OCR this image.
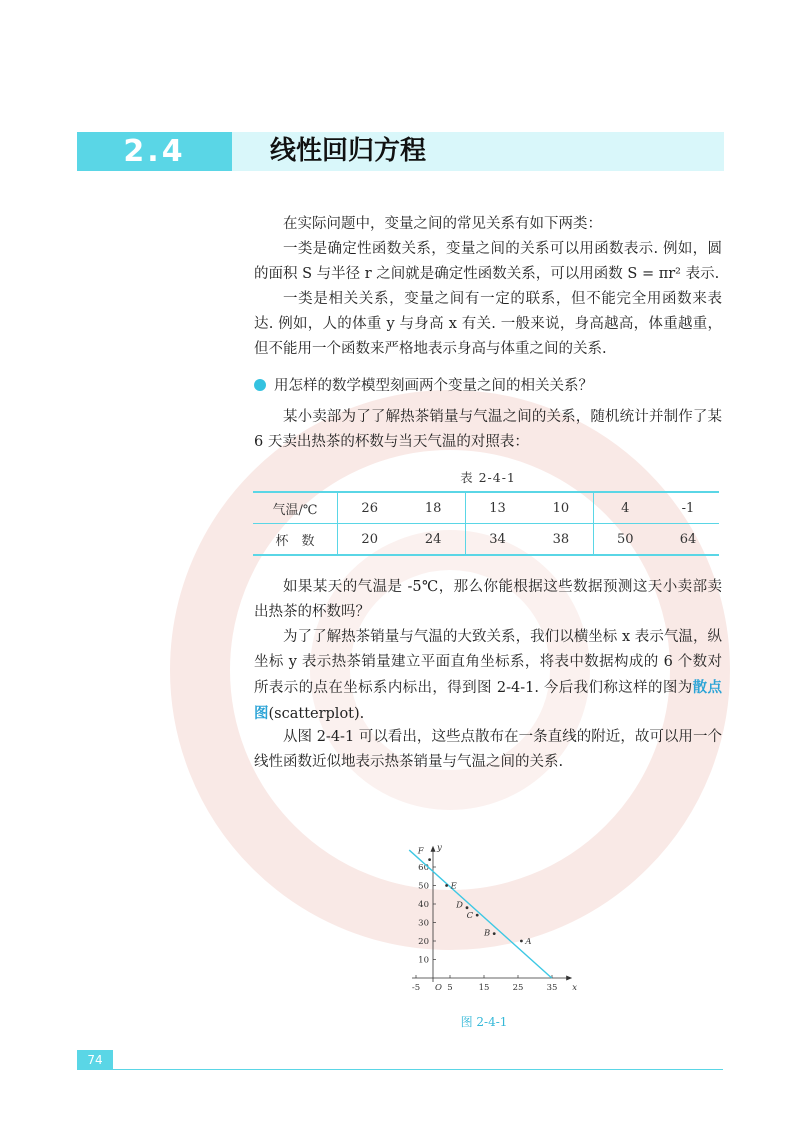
2.4	线性回归方程
在实际问题中，变量之间的常见关系有如下两类：
一类是确定性函数关系，变量之间的关系可以用函数表示. 例如，圆的面积 S 与半径 r 之间就是确定性函数关系，可以用函数 S = πr² 表示.
一类是相关关系，变量之间有一定的联系，但不能完全用函数来表达. 例如，人的体重 y 与身高 x 有关. 一般来说，身高越高，体重越重，但不能用一个函数来严格地表示身高与体重之间的关系.
用怎样的数学模型刻画两个变量之间的相关关系？
某小卖部为了了解热茶销量与气温之间的关系，随机统计并制作了某 6 天卖出热茶的杯数与当天气温的对照表：
表 2-4-1
气温/℃	26	18	13	10	4	-1
杯　数	20	24	34	38	50	64
如果某天的气温是 -5℃，那么你能根据这些数据预测这天小卖部卖出热茶的杯数吗？
为了了解热茶销量与气温的大致关系，我们以横坐标 x 表示气温，纵坐标 y 表示热茶销量建立平面直角坐标系，将表中数据构成的 6 个数对所表示的点在坐标系内标出，得到图 2-4-1. 今后我们称这样的图为散点图(scatterplot).
从图 2-4-1 可以看出，这些点散布在一条直线的附近，故可以用一个线性函数近似地表示热茶销量与气温之间的关系.
x
y
O
-5	5	15	25	35
10
20
30
40
50
60
A
B
C
D
E
F
图 2-4-1
74
